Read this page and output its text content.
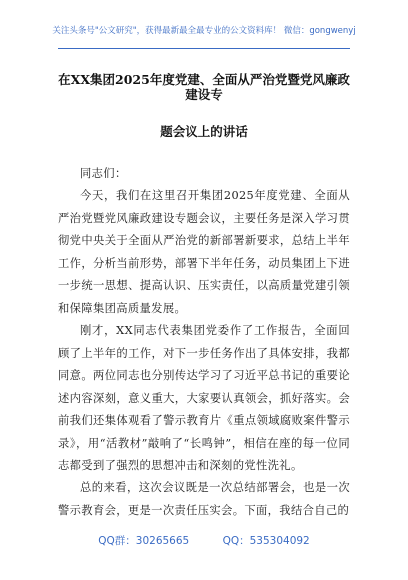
关注头条号"公文研究"，获得最新最全最专业的公文资料库！ 微信：gongwenyj
在XX集团2025年度党建、全面从严治党暨党风廉政建设专
题会议上的讲话
同志们：
今天，我们在这里召开集团2025年度党建、全面从严治党暨党风廉政建设专题会议，主要任务是深入学习贯彻党中央关于全面从严治党的新部署新要求，总结上半年工作，分析当前形势，部署下半年任务，动员集团上下进一步统一思想、提高认识、压实责任，以高质量党建引领和保障集团高质量发展。
刚才，XX同志代表集团党委作了工作报告，全面回顾了上半年的工作，对下一步任务作出了具体安排，我都同意。两位同志也分别传达学习了习近平总书记的重要论述内容深刻，意义重大，大家要认真领会，抓好落实。会前我们还集体观看了警示教育片《重点领域腐败案件警示录》，用“活教材”敲响了“长鸣钟”，相信在座的每一位同志都受到了强烈的思想冲击和深刻的党性洗礼。
总的来看，这次会议既是一次总结部署会，也是一次警示教育会，更是一次责任压实会。下面，我结合自己的
QQ群：30265665	QQ：535304092
